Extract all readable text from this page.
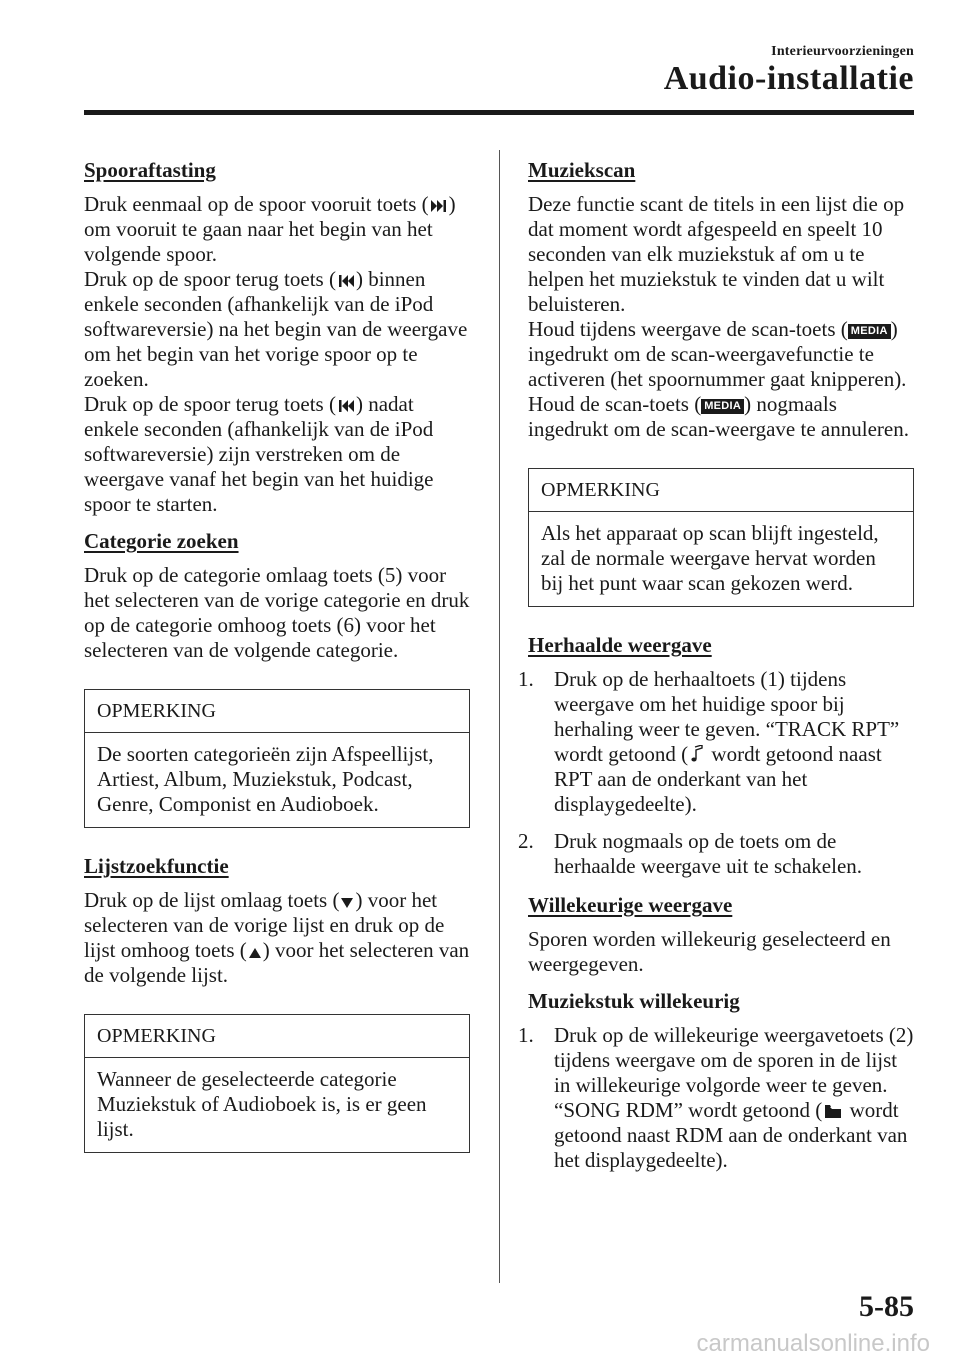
Interieurvoorzieningen
Audio-installatie
Spooraftasting

Druk eenmaal op de spoor vooruit toets ( ) om vooruit te gaan naar het begin van het volgende spoor.

Druk op de spoor terug toets ( ) binnen enkele seconden (afhankelijk van de iPod softwareversie) na het begin van de weergave om het begin van het vorige spoor op te zoeken.

Druk op de spoor terug toets ( ) nadat enkele seconden (afhankelijk van de iPod softwareversie) zijn verstreken om de weergave vanaf het begin van het huidige spoor te starten.

Categorie zoeken

Druk op de categorie omlaag toets (5) voor het selecteren van de vorige categorie en druk op de categorie omhoog toets (6) voor het selecteren van de volgende categorie.

OPMERKING
De soorten categorieën zijn Afspeellijst, Artiest, Album, Muziekstuk, Podcast, Genre, Componist en Audioboek.
Lijstzoekfunctie

Druk op de lijst omlaag toets ( ) voor het selecteren van de vorige lijst en druk op de lijst omhoog toets ( ) voor het selecteren van de volgende lijst.

OPMERKING
Wanneer de geselecteerde categorie Muziekstuk of Audioboek is, is er geen lijst.
Muziekscan

Deze functie scant de titels in een lijst die op dat moment wordt afgespeeld en speelt 10 seconden van elk muziekstuk af om u te helpen het muziekstuk te vinden dat u wilt beluisteren.

Houd tijdens weergave de scan-toets ( MEDIA ) ingedrukt om de scan-weergavefunctie te activeren (het spoornummer gaat knipperen). Houd de scan-toets ( MEDIA ) nogmaals ingedrukt om de scan-weergave te annuleren.

OPMERKING
Als het apparaat op scan blijft ingesteld, zal de normale weergave hervat worden bij het punt waar scan gekozen werd.
Herhaalde weergave
1. Druk op de herhaaltoets (1) tijdens weergave om het huidige spoor bij herhaling weer te geven. “TRACK RPT” wordt getoond ( wordt getoond naast RPT aan de onderkant van het displaygedeelte).
2. Druk nogmaals op de toets om de herhaalde weergave uit te schakelen.
Willekeurige weergave

Sporen worden willekeurig geselecteerd en weergegeven.

Muziekstuk willekeurig
1. Druk op de willekeurige weergavetoets (2) tijdens weergave om de sporen in de lijst in willekeurige volgorde weer te geven. “SONG RDM” wordt getoond ( wordt getoond naast RDM aan de onderkant van het displaygedeelte).
5-85
carmanualsonline.info
